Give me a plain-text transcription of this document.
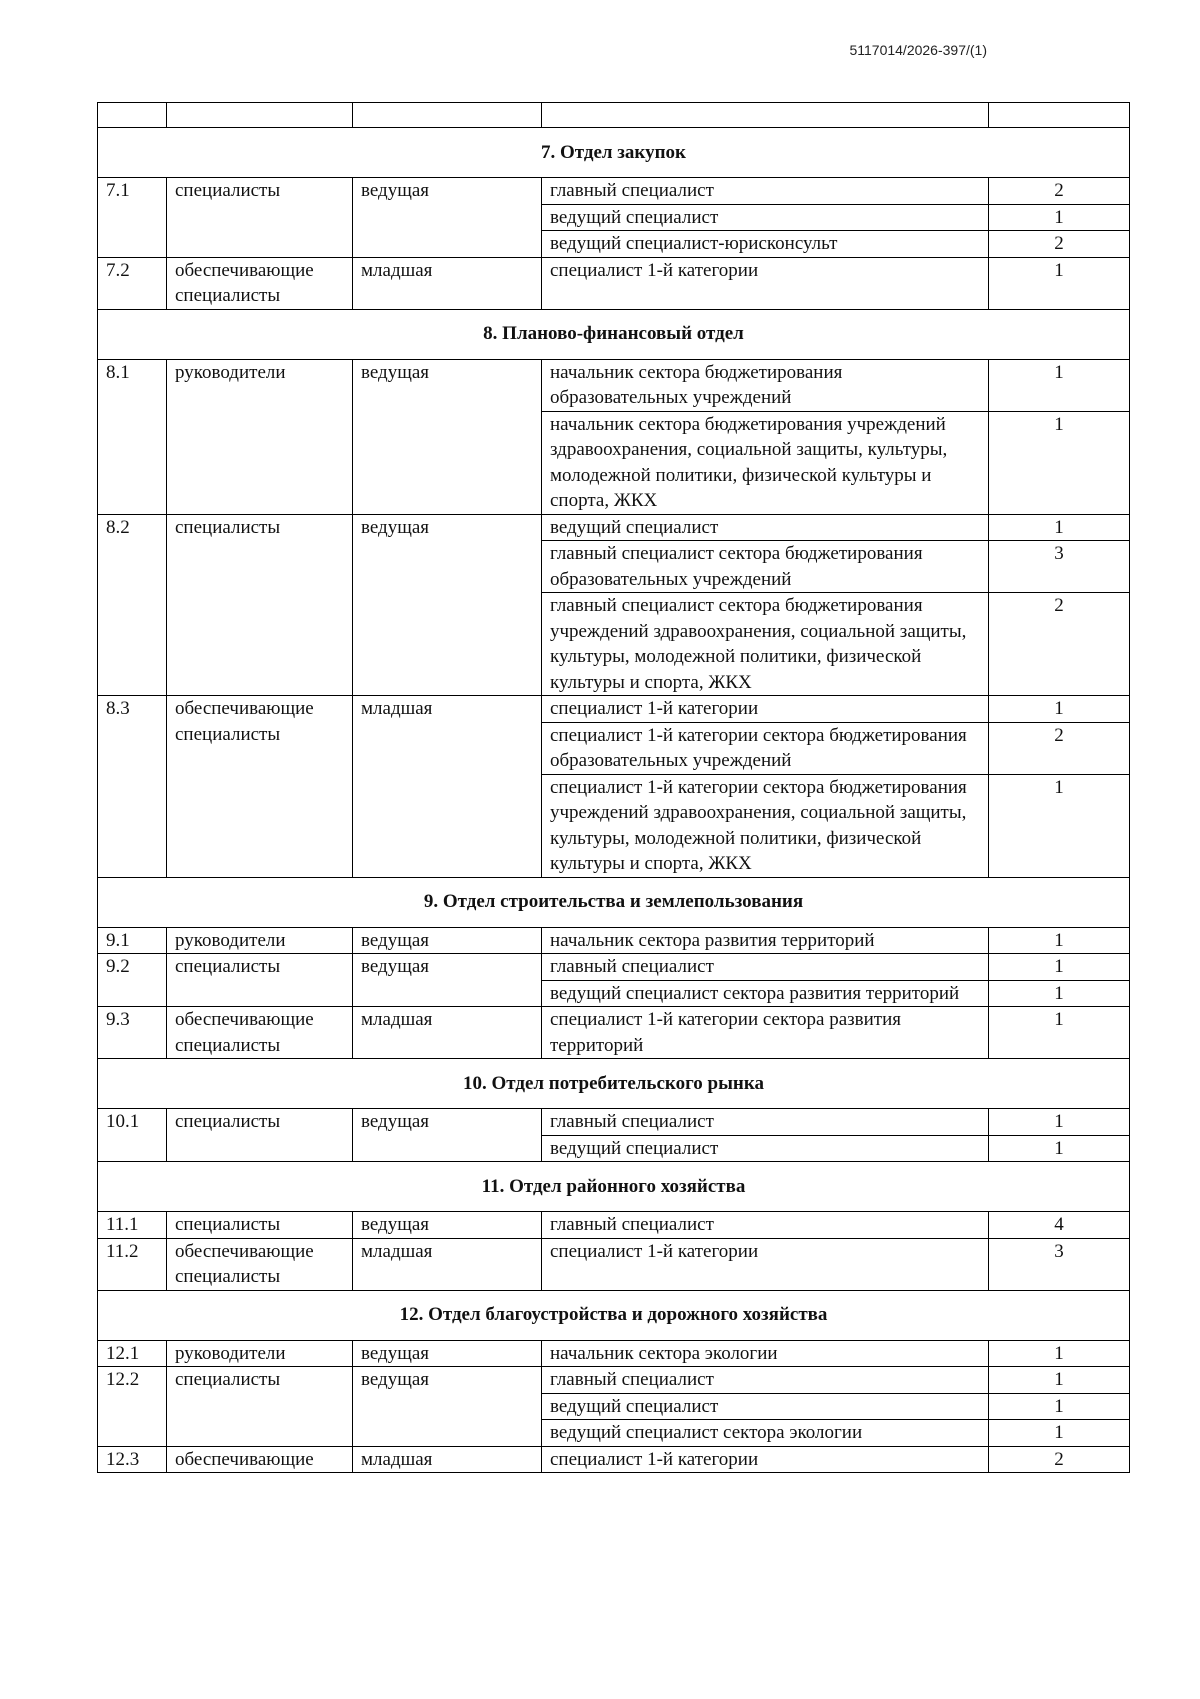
5117014/2026-397/(1)

7. Отдел закупок				
7.1	специалисты	ведущая	главный специалист	2
			ведущий специалист	1
			ведущий специалист-юрисконсульт	2
7.2	обеспечивающие специалисты	младшая	специалист 1-й категории	1
8. Планово-финансовый отдел				
8.1	руководители	ведущая	начальник сектора бюджетирования образовательных учреждений	1
			начальник сектора бюджетирования учреждений здравоохранения, социальной защиты, культуры, молодежной политики, физической культуры и спорта, ЖКХ	1
8.2	специалисты	ведущая	ведущий специалист	1
			главный специалист сектора бюджетирования образовательных учреждений	3
			главный специалист сектора бюджетирования учреждений здравоохранения, социальной защиты, культуры, молодежной политики, физической культуры и спорта, ЖКХ	2
8.3	обеспечивающие специалисты	младшая	специалист 1-й категории	1
			специалист 1-й категории сектора бюджетирования образовательных учреждений	2
			специалист 1-й категории сектора бюджетирования учреждений здравоохранения, социальной защиты, культуры, молодежной политики, физической культуры и спорта, ЖКХ	1
9. Отдел строительства и землепользования				
9.1	руководители	ведущая	начальник сектора развития территорий	1
9.2	специалисты	ведущая	главный специалист	1
			ведущий специалист сектора развития территорий	1
9.3	обеспечивающие специалисты	младшая	специалист 1-й категории сектора развития территорий	1
10. Отдел потребительского рынка				
10.1	специалисты	ведущая	главный специалист	1
			ведущий специалист	1
11. Отдел районного хозяйства				
11.1	специалисты	ведущая	главный специалист	4
11.2	обеспечивающие специалисты	младшая	специалист 1-й категории	3
12. Отдел благоустройства и дорожного хозяйства				
12.1	руководители	ведущая	начальник сектора экологии	1
12.2	специалисты	ведущая	главный специалист	1
			ведущий специалист	1
			ведущий специалист сектора экологии	1
12.3	обеспечивающие	младшая	специалист 1-й категории	2
